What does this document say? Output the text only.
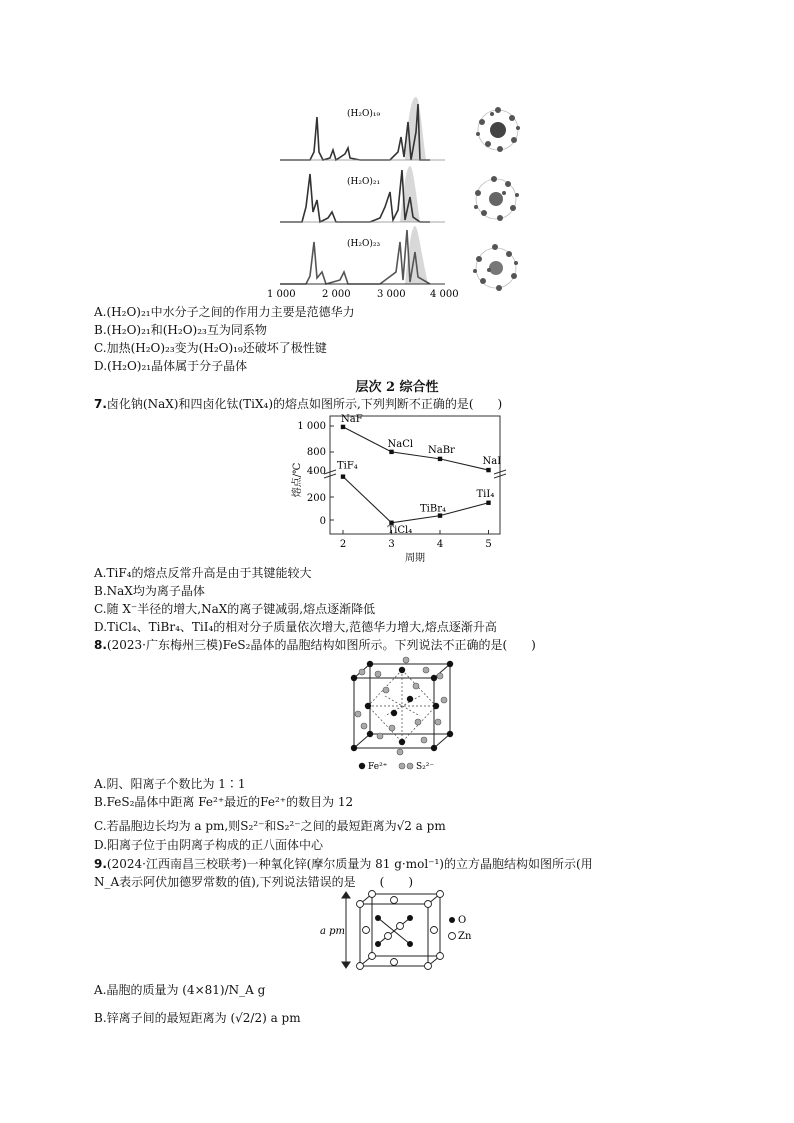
(H₂O)₁₉
(H₂O)₂₁
(H₂O)₂₃
1 000	2 000	3 000 4 000
A.(H₂O)₂₁中水分子之间的作用力主要是范德华力
B.(H₂O)₂₁和(H₂O)₂₃互为同系物
C.加热(H₂O)₂₃变为(H₂O)₁₉还破坏了极性键
D.(H₂O)₂₁晶体属于分子晶体
层次 2 综合性
7.卤化钠(NaX)和四卤化钛(TiX₄)的熔点如图所示,下列判断不正确的是(　　)
1 000
800
400
200
0
熔点/℃
2	3	4	5
周期
NaF
NaCl
NaBr
NaI
TiF₄
TiCl₄
TiBr₄
TiI₄
A.TiF₄的熔点反常升高是由于其键能较大
B.NaX均为离子晶体
C.随 X⁻半径的增大,NaX的离子键减弱,熔点逐渐降低
D.TiCl₄、TiBr₄、TiI₄的相对分子质量依次增大,范德华力增大,熔点逐渐升高
8.(2023·广东梅州三模)FeS₂晶体的晶胞结构如图所示。下列说法不正确的是(　　)
Fe²⁺	S₂²⁻
A.阴、阳离子个数比为 1∶1
B.FeS₂晶体中距离 Fe²⁺最近的Fe²⁺的数目为 12
C.若晶胞边长均为 a pm,则S₂²⁻和S₂²⁻之间的最短距离为√2 a pm
D.阳离子位于由阴离子构成的正八面体中心
9.(2024·江西南昌三校联考)一种氧化锌(摩尔质量为 81 g·mol⁻¹)的立方晶胞结构如图所示(用
N_A表示阿伏加德罗常数的值),下列说法错误的是　　(　　)
a pm
O
Zn
A.晶胞的质量为 (4×81)/N_A g
B.锌离子间的最短距离为 (√2/2) a pm
